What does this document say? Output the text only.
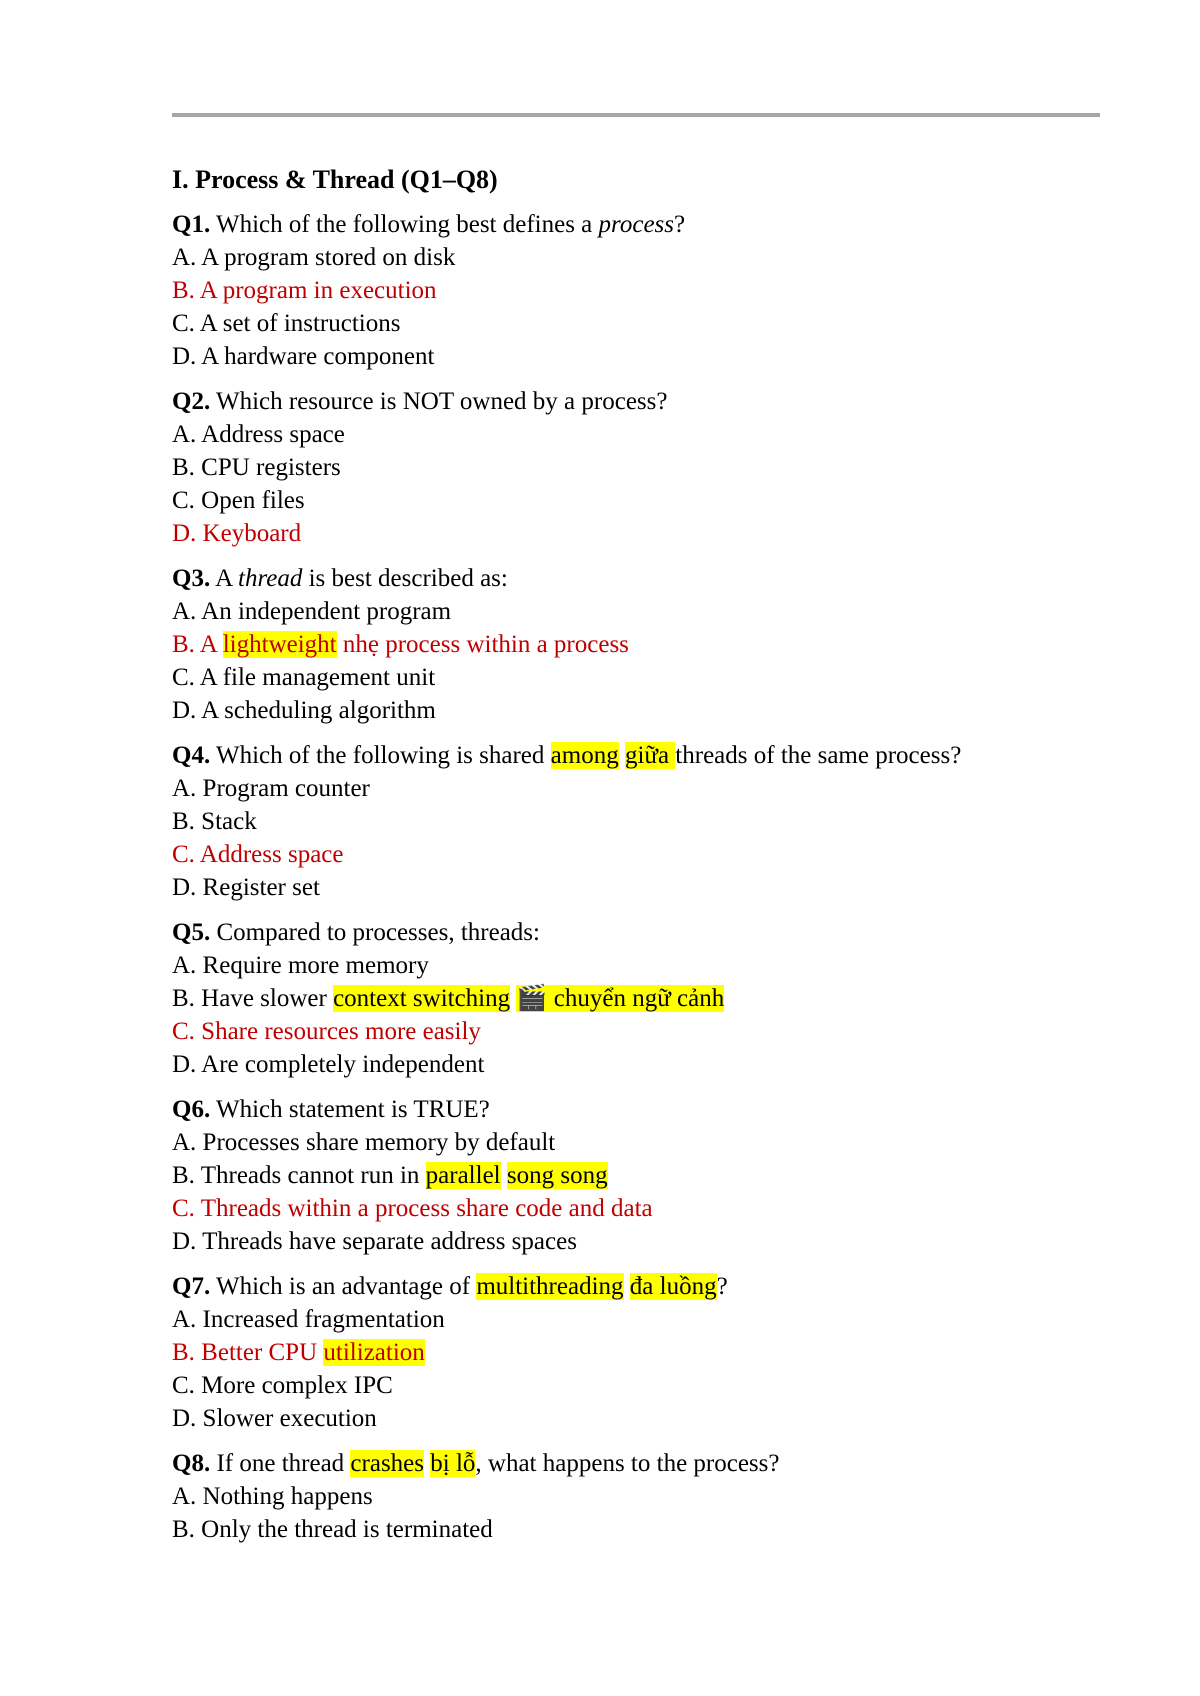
I. Process & Thread (Q1–Q8)
Q1. Which of the following best defines a process?
A. A program stored on disk
B. A program in execution
C. A set of instructions
D. A hardware component
Q2. Which resource is NOT owned by a process?
A. Address space
B. CPU registers
C. Open files
D. Keyboard
Q3. A thread is best described as:
A. An independent program
B. A lightweight nhẹ process within a process
C. A file management unit
D. A scheduling algorithm
Q4. Which of the following is shared among giữa threads of the same process?
A. Program counter
B. Stack
C. Address space
D. Register set
Q5. Compared to processes, threads:
A. Require more memory
B. Have slower context switching 🎬 chuyển ngữ cảnh
C. Share resources more easily
D. Are completely independent
Q6. Which statement is TRUE?
A. Processes share memory by default
B. Threads cannot run in parallel song song
C. Threads within a process share code and data
D. Threads have separate address spaces
Q7. Which is an advantage of multithreading đa luồng?
A. Increased fragmentation
B. Better CPU utilization
C. More complex IPC
D. Slower execution
Q8. If one thread crashes bị lỗ, what happens to the process?
A. Nothing happens
B. Only the thread is terminated
